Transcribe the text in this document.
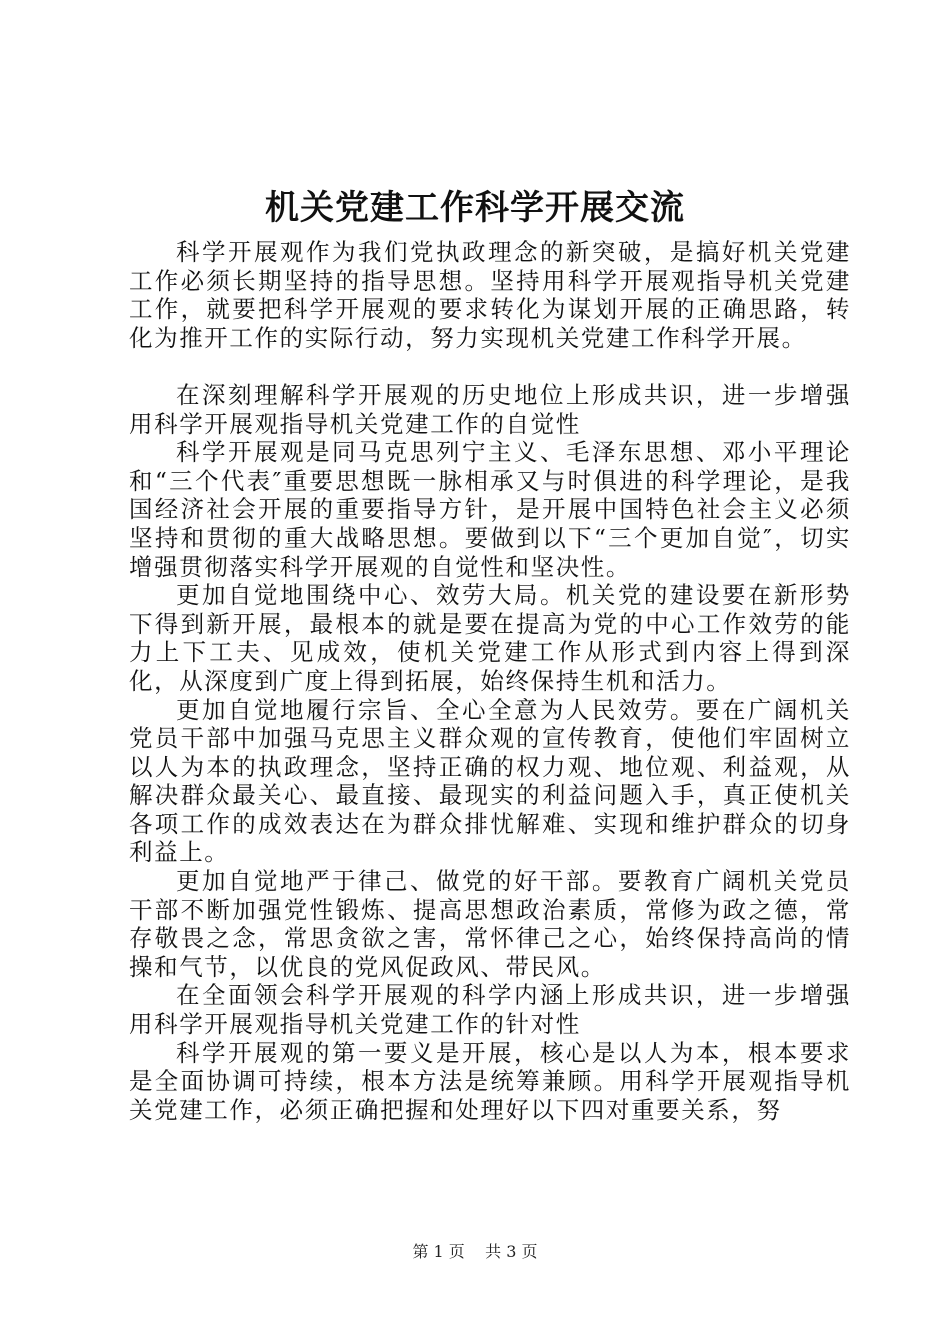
机关党建工作科学开展交流

科学开展观作为我们党执政理念的新突破，是搞好机关党建工作必须长期坚持的指导思想。坚持用科学开展观指导机关党建工作，就要把科学开展观的要求转化为谋划开展的正确思路，转化为推开工作的实际行动，努力实现机关党建工作科学开展。

在深刻理解科学开展观的历史地位上形成共识，进一步增强用科学开展观指导机关党建工作的自觉性

科学开展观是同马克思列宁主义、毛泽东思想、邓小平理论和“三个代表″重要思想既一脉相承又与时俱进的科学理论，是我国经济社会开展的重要指导方针，是开展中国特色社会主义必须坚持和贯彻的重大战略思想。要做到以下“三个更加自觉″，切实增强贯彻落实科学开展观的自觉性和坚决性。

更加自觉地围绕中心、效劳大局。机关党的建设要在新形势下得到新开展，最根本的就是要在提高为党的中心工作效劳的能力上下工夫、见成效，使机关党建工作从形式到内容上得到深化，从深度到广度上得到拓展，始终保持生机和活力。

更加自觉地履行宗旨、全心全意为人民效劳。要在广阔机关党员干部中加强马克思主义群众观的宣传教育，使他们牢固树立以人为本的执政理念，坚持正确的权力观、地位观、利益观，从解决群众最关心、最直接、最现实的利益问题入手，真正使机关各项工作的成效表达在为群众排忧解难、实现和维护群众的切身利益上。

更加自觉地严于律己、做党的好干部。要教育广阔机关党员干部不断加强党性锻炼、提高思想政治素质，常修为政之德，常存敬畏之念，常思贪欲之害，常怀律己之心，始终保持高尚的情操和气节，以优良的党风促政风、带民风。

在全面领会科学开展观的科学内涵上形成共识，进一步增强用科学开展观指导机关党建工作的针对性

科学开展观的第一要义是开展，核心是以人为本，根本要求是全面协调可持续，根本方法是统筹兼顾。用科学开展观指导机关党建工作，必须正确把握和处理好以下四对重要关系，努

第 1 页 共 3 页
